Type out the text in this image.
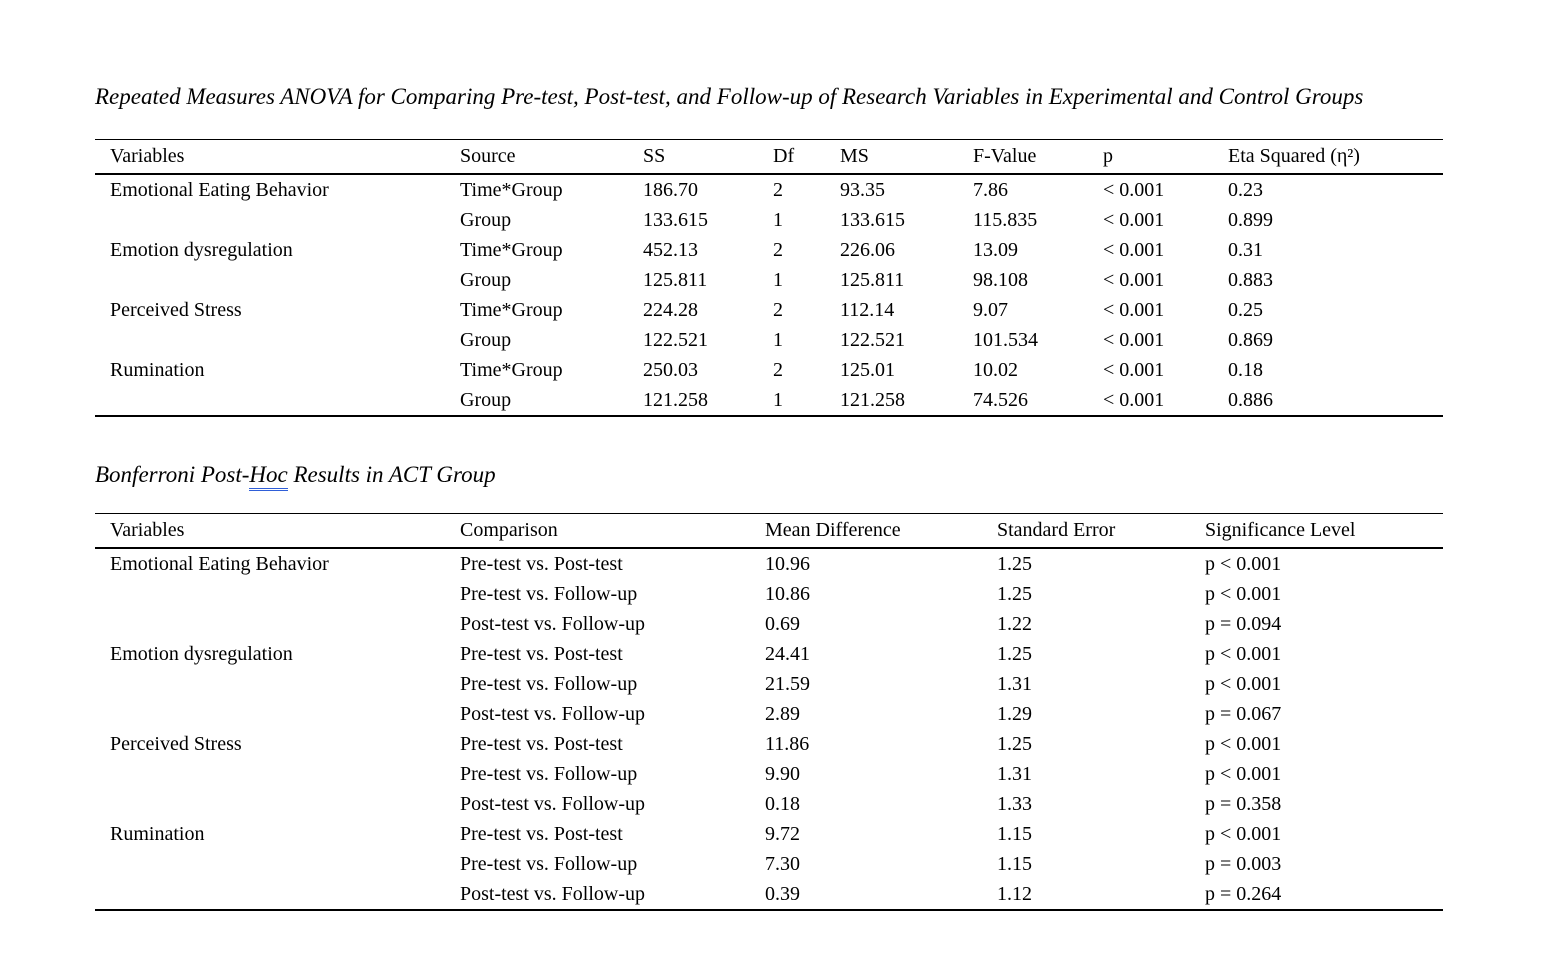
Repeated Measures ANOVA for Comparing Pre-test, Post-test, and Follow-up of Research Variables in Experimental and Control Groups
Variables	Source	SS	Df	MS	F-Value	p	Eta Squared (η²)
Emotional Eating Behavior	Time*Group	186.70	2	93.35	7.86	< 0.001	0.23
	Group	133.615	1	133.615	115.835	< 0.001	0.899
Emotion dysregulation	Time*Group	452.13	2	226.06	13.09	< 0.001	0.31
	Group	125.811	1	125.811	98.108	< 0.001	0.883
Perceived Stress	Time*Group	224.28	2	112.14	9.07	< 0.001	0.25
	Group	122.521	1	122.521	101.534	< 0.001	0.869
Rumination	Time*Group	250.03	2	125.01	10.02	< 0.001	0.18
	Group	121.258	1	121.258	74.526	< 0.001	0.886
Bonferroni Post-Hoc Results in ACT Group
Variables	Comparison	Mean Difference	Standard Error	Significance Level
Emotional Eating Behavior	Pre-test vs. Post-test	10.96	1.25	p < 0.001
	Pre-test vs. Follow-up	10.86	1.25	p < 0.001
	Post-test vs. Follow-up	0.69	1.22	p = 0.094
Emotion dysregulation	Pre-test vs. Post-test	24.41	1.25	p < 0.001
	Pre-test vs. Follow-up	21.59	1.31	p < 0.001
	Post-test vs. Follow-up	2.89	1.29	p = 0.067
Perceived Stress	Pre-test vs. Post-test	11.86	1.25	p < 0.001
	Pre-test vs. Follow-up	9.90	1.31	p < 0.001
	Post-test vs. Follow-up	0.18	1.33	p = 0.358
Rumination	Pre-test vs. Post-test	9.72	1.15	p < 0.001
	Pre-test vs. Follow-up	7.30	1.15	p = 0.003
	Post-test vs. Follow-up	0.39	1.12	p = 0.264
